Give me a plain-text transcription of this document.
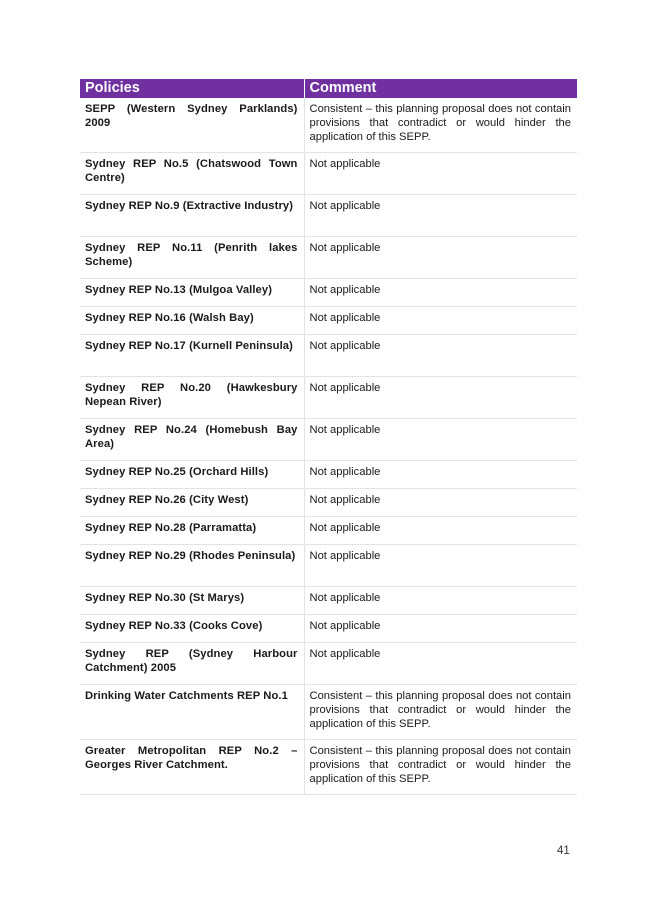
Policies	Comment
SEPP (Western Sydney Parklands) 2009	Consistent – this planning proposal does not contain provisions that contradict or would hinder the application of this SEPP.
Sydney REP No.5 (Chatswood Town Centre)	Not applicable
Sydney REP No.9 (Extractive Industry)	Not applicable
Sydney REP No.11 (Penrith lakes Scheme)	Not applicable
Sydney REP No.13 (Mulgoa Valley)	Not applicable
Sydney REP No.16 (Walsh Bay)	Not applicable
Sydney REP No.17 (Kurnell Peninsula)	Not applicable
Sydney REP No.20 (Hawkesbury Nepean River)	Not applicable
Sydney REP No.24 (Homebush Bay Area)	Not applicable
Sydney REP No.25 (Orchard Hills)	Not applicable
Sydney REP No.26 (City West)	Not applicable
Sydney REP No.28 (Parramatta)	Not applicable
Sydney REP No.29 (Rhodes Peninsula)	Not applicable
Sydney REP No.30 (St Marys)	Not applicable
Sydney REP No.33 (Cooks Cove)	Not applicable
Sydney REP (Sydney Harbour Catchment) 2005	Not applicable
Drinking Water Catchments REP No.1	Consistent – this planning proposal does not contain provisions that contradict or would hinder the application of this SEPP.
Greater Metropolitan REP No.2 – Georges River Catchment.	Consistent – this planning proposal does not contain provisions that contradict or would hinder the application of this SEPP.
41
